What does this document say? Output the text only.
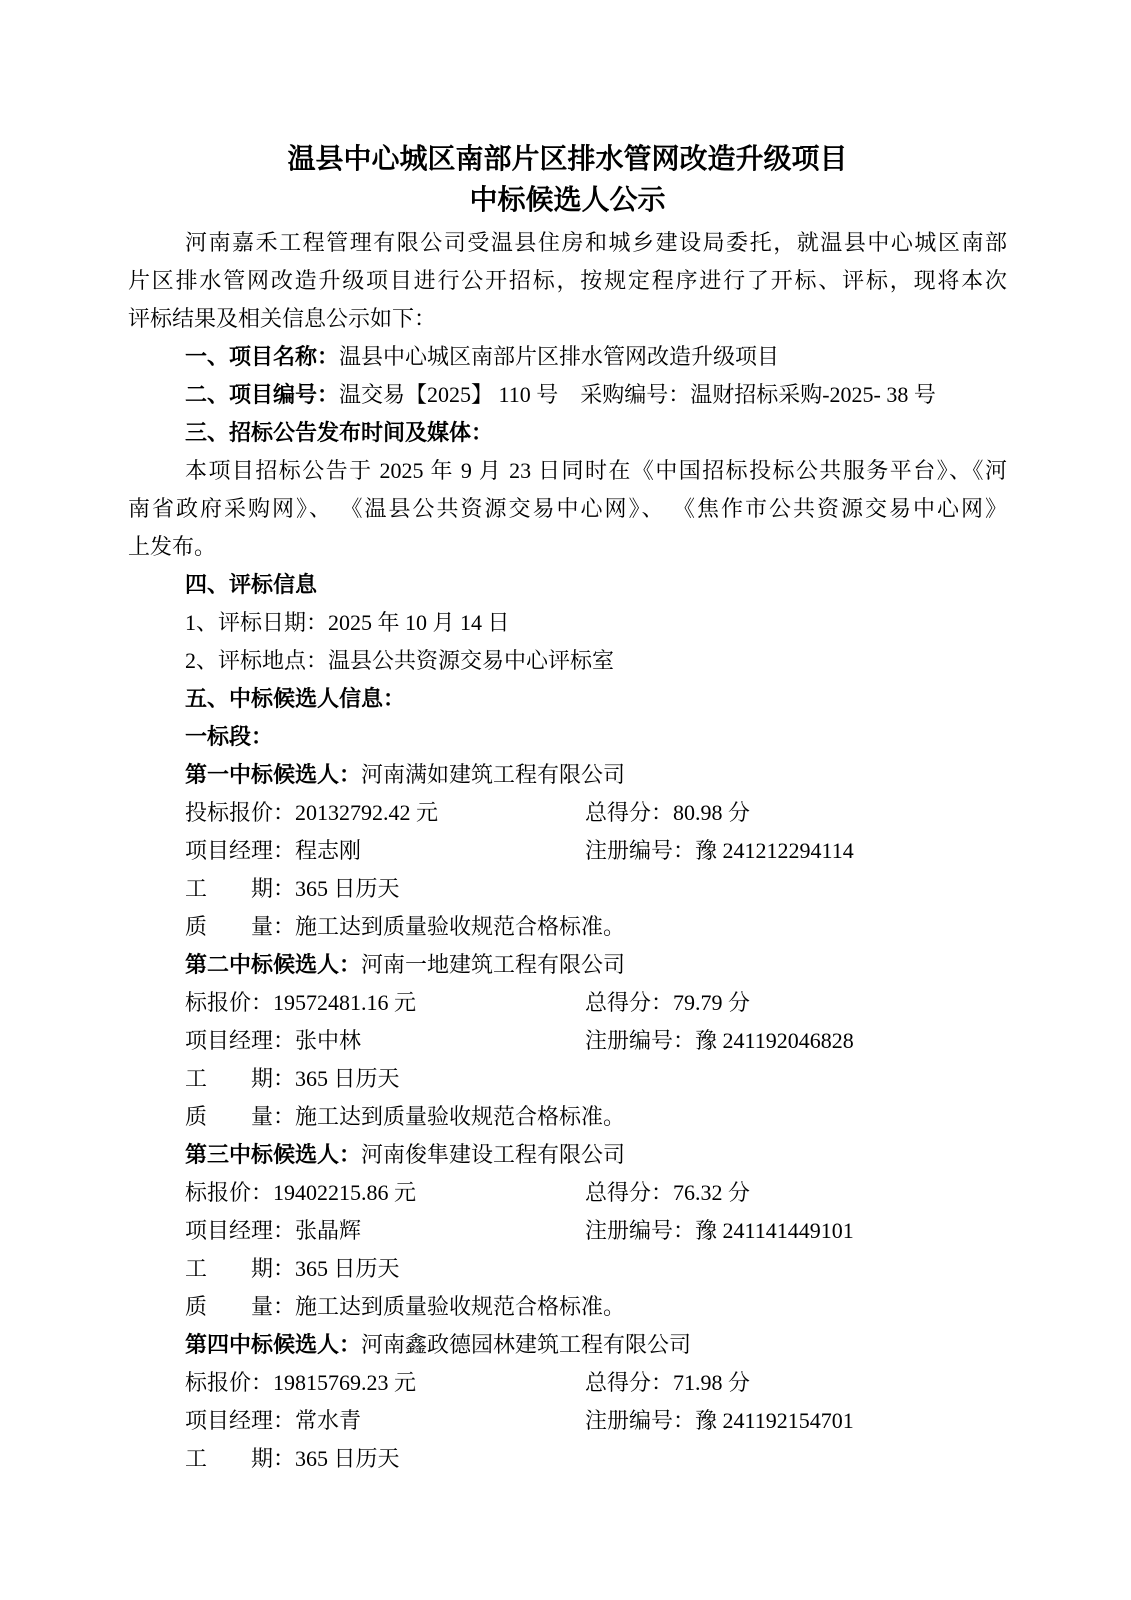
温县中心城区南部片区排水管网改造升级项目
中标候选人公示
河南嘉禾工程管理有限公司受温县住房和城乡建设局委托，就温县中心城区南部
片区排水管网改造升级项目进行公开招标，按规定程序进行了开标、评标，现将本次
评标结果及相关信息公示如下：
一、项目名称：温县中心城区南部片区排水管网改造升级项目
二、项目编号：温交易【2025】 110 号　采购编号：温财招标采购-2025- 38 号
三、招标公告发布时间及媒体：
本项目招标公告于 2025 年 9 月 23 日同时在《中国招标投标公共服务平台》、《河
南省政府采购网》、 《温县公共资源交易中心网》、 《焦作市公共资源交易中心网》
上发布。
四、评标信息
1、评标日期：2025 年 10 月 14 日
2、评标地点：温县公共资源交易中心评标室
五、中标候选人信息：
一标段：
第一中标候选人：河南满如建筑工程有限公司
投标报价：20132792.42 元	总得分：80.98 分
项目经理：程志刚	注册编号：豫 241212294114
工　　期：365 日历天
质　　量：施工达到质量验收规范合格标准。
第二中标候选人：河南一地建筑工程有限公司
标报价：19572481.16 元	总得分：79.79 分
项目经理：张中林	注册编号：豫 241192046828
工　　期：365 日历天
质　　量：施工达到质量验收规范合格标准。
第三中标候选人：河南俊隼建设工程有限公司
标报价：19402215.86 元	总得分：76.32 分
项目经理：张晶辉	注册编号：豫 241141449101
工　　期：365 日历天
质　　量：施工达到质量验收规范合格标准。
第四中标候选人：河南鑫政德园林建筑工程有限公司
标报价：19815769.23 元	总得分：71.98 分
项目经理：常水青	注册编号：豫 241192154701
工　　期：365 日历天
